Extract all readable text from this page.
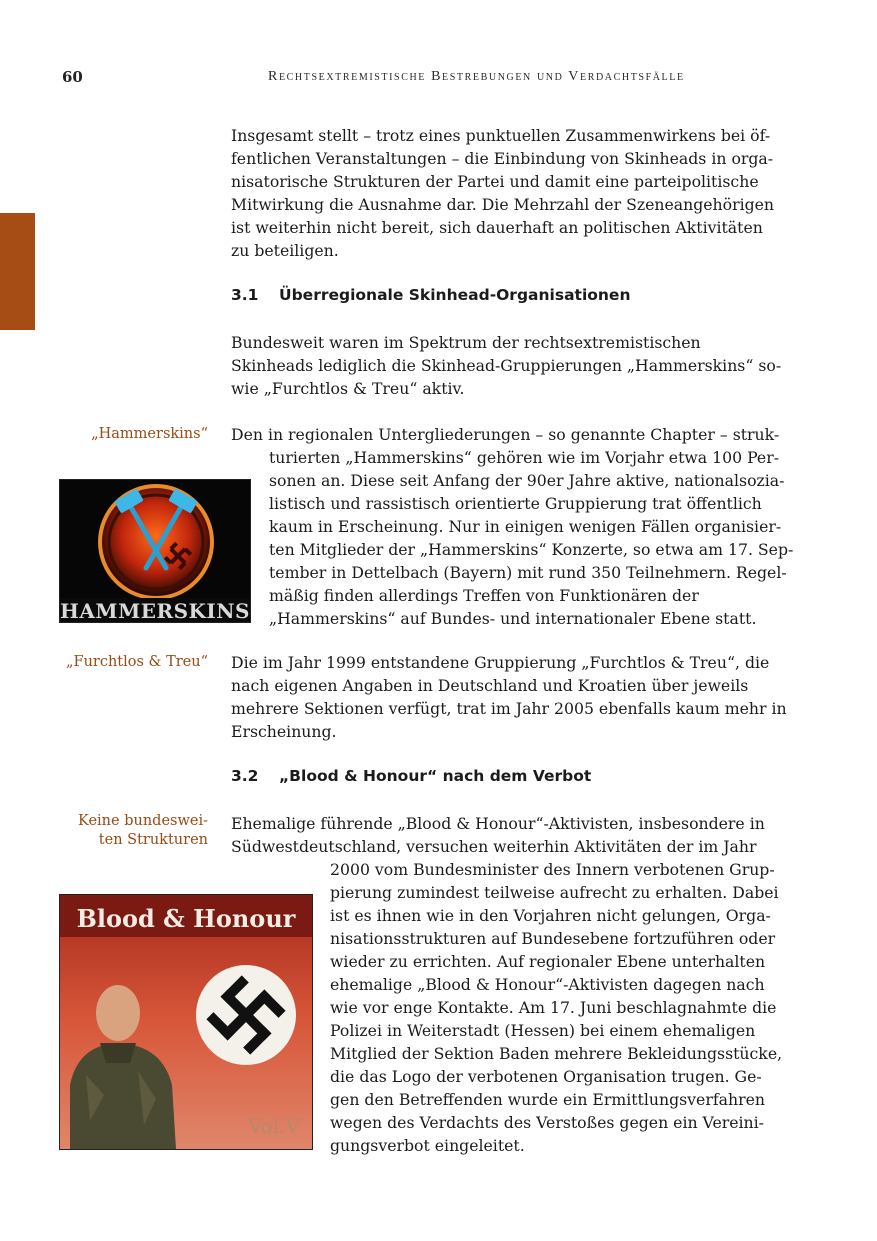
60	Rechtsextremistische Bestrebungen und Verdachtsfälle
Insgesamt stellt – trotz eines punktuellen Zusammenwirkens bei öf-
fentlichen Veranstaltungen – die Einbindung von Skinheads in orga-
nisatorische Strukturen der Partei und damit eine parteipolitische
Mitwirkung die Ausnahme dar. Die Mehrzahl der Szeneangehörigen
ist weiterhin nicht bereit, sich dauerhaft an politischen Aktivitäten
zu beteiligen.
3.1 Überregionale Skinhead-Organisationen
Bundesweit waren im Spektrum der rechtsextremistischen
Skinheads lediglich die Skinhead-Gruppierungen „Hammerskins“ so-
wie „Furchtlos & Treu“ aktiv.
„Hammerskins“
HAMMERSKINS
Den in regionalen Untergliederungen – so genannte Chapter – struk-
turierten „Hammerskins“ gehören wie im Vorjahr etwa 100 Per-
sonen an. Diese seit Anfang der 90er Jahre aktive, nationalsozia-
listisch und rassistisch orientierte Gruppierung trat öffentlich
kaum in Erscheinung. Nur in einigen wenigen Fällen organisier-
ten Mitglieder der „Hammerskins“ Konzerte, so etwa am 17. Sep-
tember in Dettelbach (Bayern) mit rund 350 Teilnehmern. Regel-
mäßig finden allerdings Treffen von Funktionären der
„Hammerskins“ auf Bundes- und internationaler Ebene statt.
„Furchtlos & Treu“ Die im Jahr 1999 entstandene Gruppierung „Furchtlos & Treu“, die
nach eigenen Angaben in Deutschland und Kroatien über jeweils
mehrere Sektionen verfügt, trat im Jahr 2005 ebenfalls kaum mehr in
Erscheinung.
3.2 „Blood & Honour“ nach dem Verbot
Keine bundeswei-
ten Strukturen
Blood & Honour
Vol.V
Ehemalige führende „Blood & Honour“-Aktivisten, insbesondere in
Südwestdeutschland, versuchen weiterhin Aktivitäten der im Jahr
2000 vom Bundesminister des Innern verbotenen Grup-
pierung zumindest teilweise aufrecht zu erhalten. Dabei
ist es ihnen wie in den Vorjahren nicht gelungen, Orga-
nisationsstrukturen auf Bundesebene fortzuführen oder
wieder zu errichten. Auf regionaler Ebene unterhalten
ehemalige „Blood & Honour“-Aktivisten dagegen nach
wie vor enge Kontakte. Am 17. Juni beschlagnahmte die
Polizei in Weiterstadt (Hessen) bei einem ehemaligen
Mitglied der Sektion Baden mehrere Bekleidungsstücke,
die das Logo der verbotenen Organisation trugen. Ge-
gen den Betreffenden wurde ein Ermittlungsverfahren
wegen des Verdachts des Verstoßes gegen ein Vereini-
gungsverbot eingeleitet.
